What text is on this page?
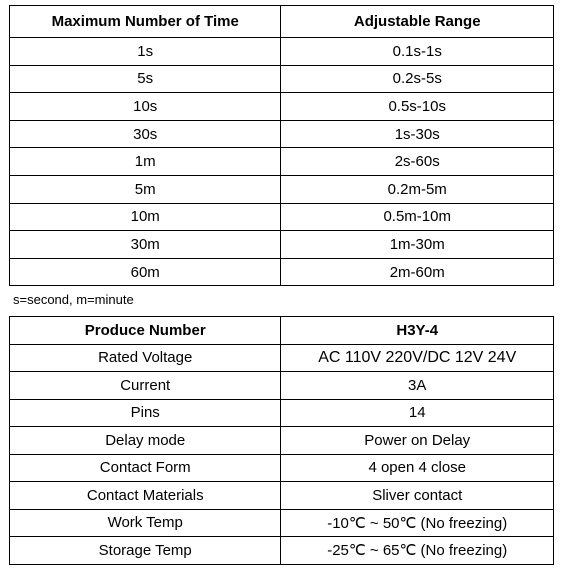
Maximum Number of Time	Adjustable Range
1s	0.1s-1s
5s	0.2s-5s
10s	0.5s-10s
30s	1s-30s
1m	2s-60s
5m	0.2m-5m
10m	0.5m-10m
30m	1m-30m
60m	2m-60m
s=second, m=minute
Produce Number	H3Y-4
Rated Voltage	AC 110V 220V/DC 12V 24V
Current	3A
Pins	14
Delay mode	Power on Delay
Contact Form	4 open 4 close
Contact Materials	Sliver contact
Work Temp	-10℃ ~ 50℃ (No freezing)
Storage Temp	-25℃ ~ 65℃ (No freezing)
